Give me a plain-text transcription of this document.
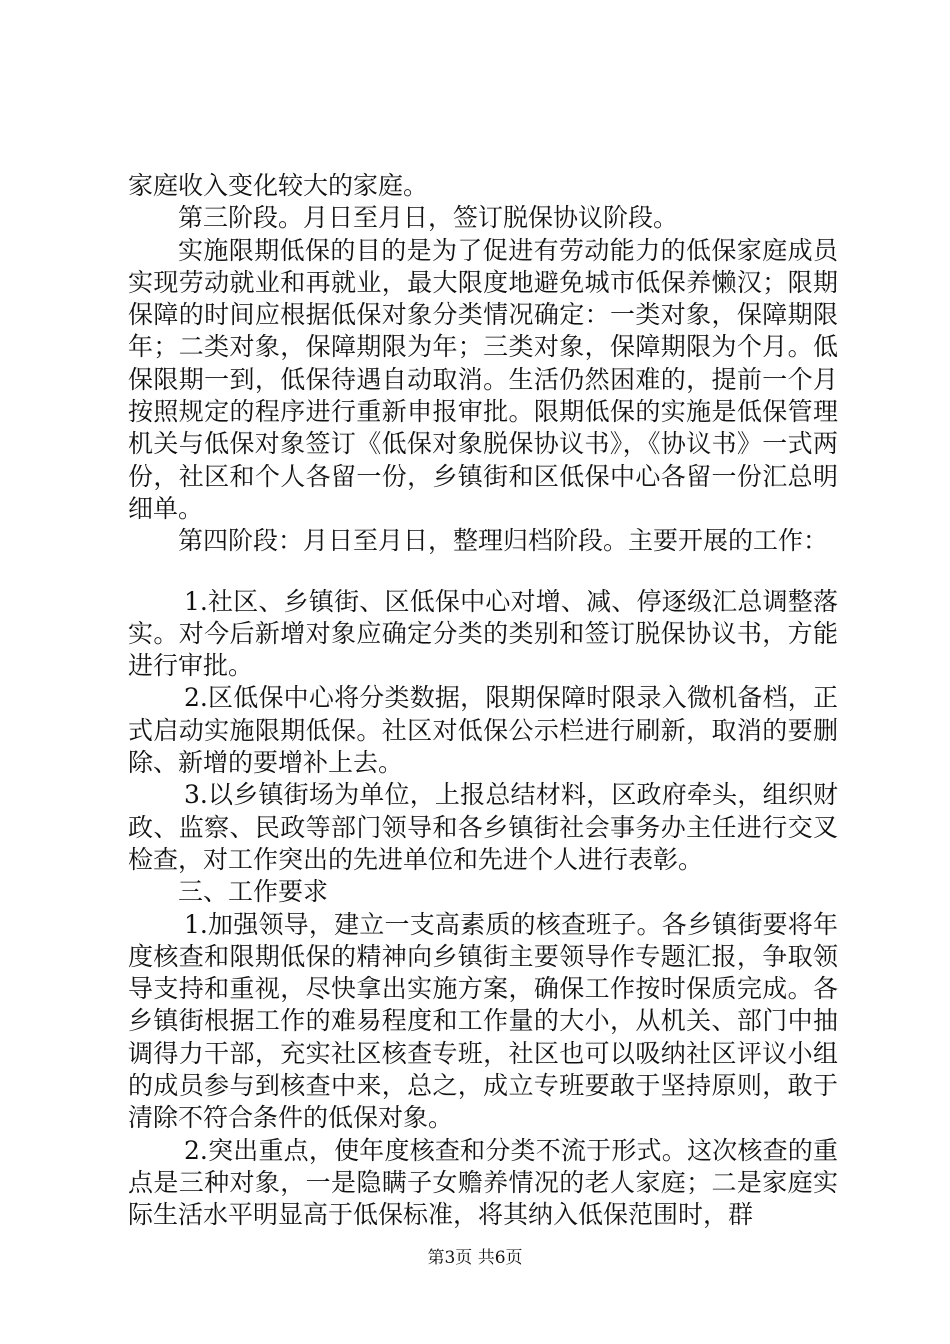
家庭收入变化较大的家庭。

第三阶段。月日至月日，签订脱保协议阶段。

实施限期低保的目的是为了促进有劳动能力的低保家庭成员实现劳动就业和再就业，最大限度地避免城市低保养懒汉；限期保障的时间应根据低保对象分类情况确定：一类对象，保障期限年；二类对象，保障期限为年；三类对象，保障期限为个月。低保限期一到，低保待遇自动取消。生活仍然困难的，提前一个月按照规定的程序进行重新申报审批。限期低保的实施是低保管理机关与低保对象签订《低保对象脱保协议书》，《协议书》一式两份，社区和个人各留一份，乡镇街和区低保中心各留一份汇总明细单。

第四阶段：月日至月日，整理归档阶段。主要开展的工作：

1.社区、乡镇街、区低保中心对增、减、停逐级汇总调整落实。对今后新增对象应确定分类的类别和签订脱保协议书，方能进行审批。

2.区低保中心将分类数据，限期保障时限录入微机备档，正式启动实施限期低保。社区对低保公示栏进行刷新，取消的要删除、新增的要增补上去。

3.以乡镇街场为单位，上报总结材料，区政府牵头，组织财政、监察、民政等部门领导和各乡镇街社会事务办主任进行交叉检查，对工作突出的先进单位和先进个人进行表彰。

三、工作要求

1.加强领导，建立一支高素质的核查班子。各乡镇街要将年度核查和限期低保的精神向乡镇街主要领导作专题汇报，争取领导支持和重视，尽快拿出实施方案，确保工作按时保质完成。各乡镇街根据工作的难易程度和工作量的大小，从机关、部门中抽调得力干部，充实社区核查专班，社区也可以吸纳社区评议小组的成员参与到核查中来，总之，成立专班要敢于坚持原则，敢于清除不符合条件的低保对象。

2.突出重点，使年度核查和分类不流于形式。这次核查的重点是三种对象，一是隐瞒子女赡养情况的老人家庭；二是家庭实际生活水平明显高于低保标准，将其纳入低保范围时，群

第3页 共6页
